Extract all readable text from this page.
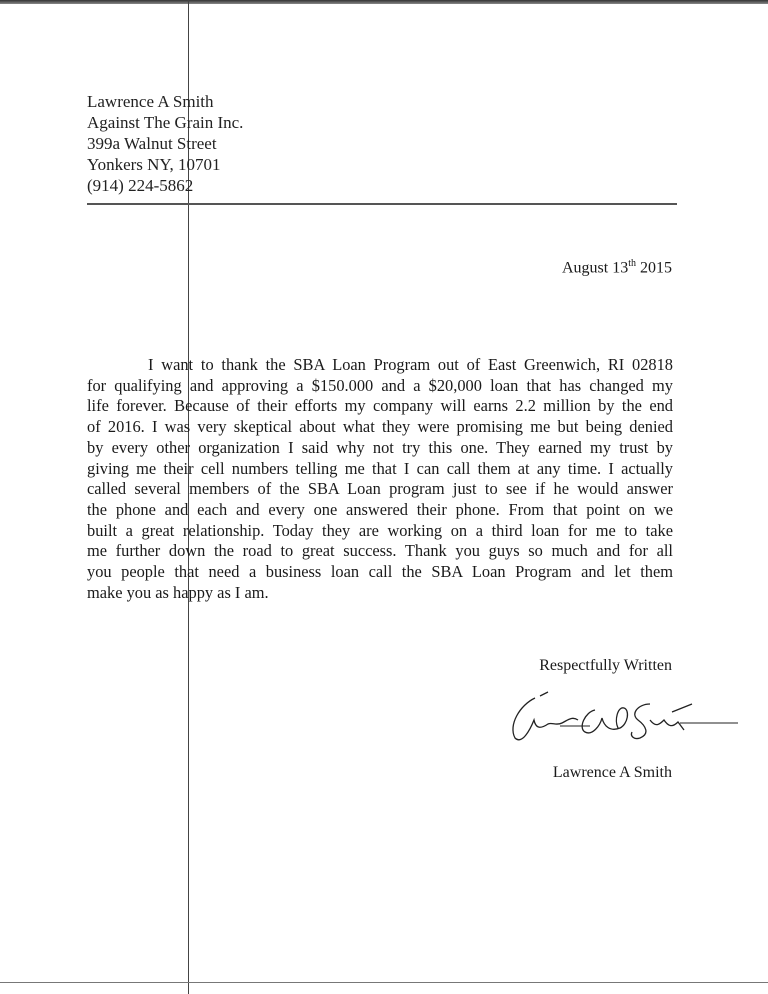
Lawrence A Smith
Against The Grain Inc.
399a Walnut Street
Yonkers NY, 10701
(914) 224-5862
August 13th 2015
I want to thank the SBA Loan Program out of East Greenwich, RI 02818
for qualifying and approving a $150.000 and a $20,000 loan that has changed my
life forever. Because of their efforts my company will earns 2.2 million by the end
of 2016. I was very skeptical about what they were promising me but being denied
by every other organization I said why not try this one. They earned my trust by
giving me their cell numbers telling me that I can call them at any time. I actually
called several members of the SBA Loan program just to see if he would answer
the phone and each and every one answered their phone. From that point on we
built a great relationship. Today they are working on a third loan for me to take
me further down the road to great success. Thank you guys so much and for all
you people that need a business loan call the SBA Loan Program and let them
make you as happy as I am.
Respectfully Written
Lawrence A Smith
